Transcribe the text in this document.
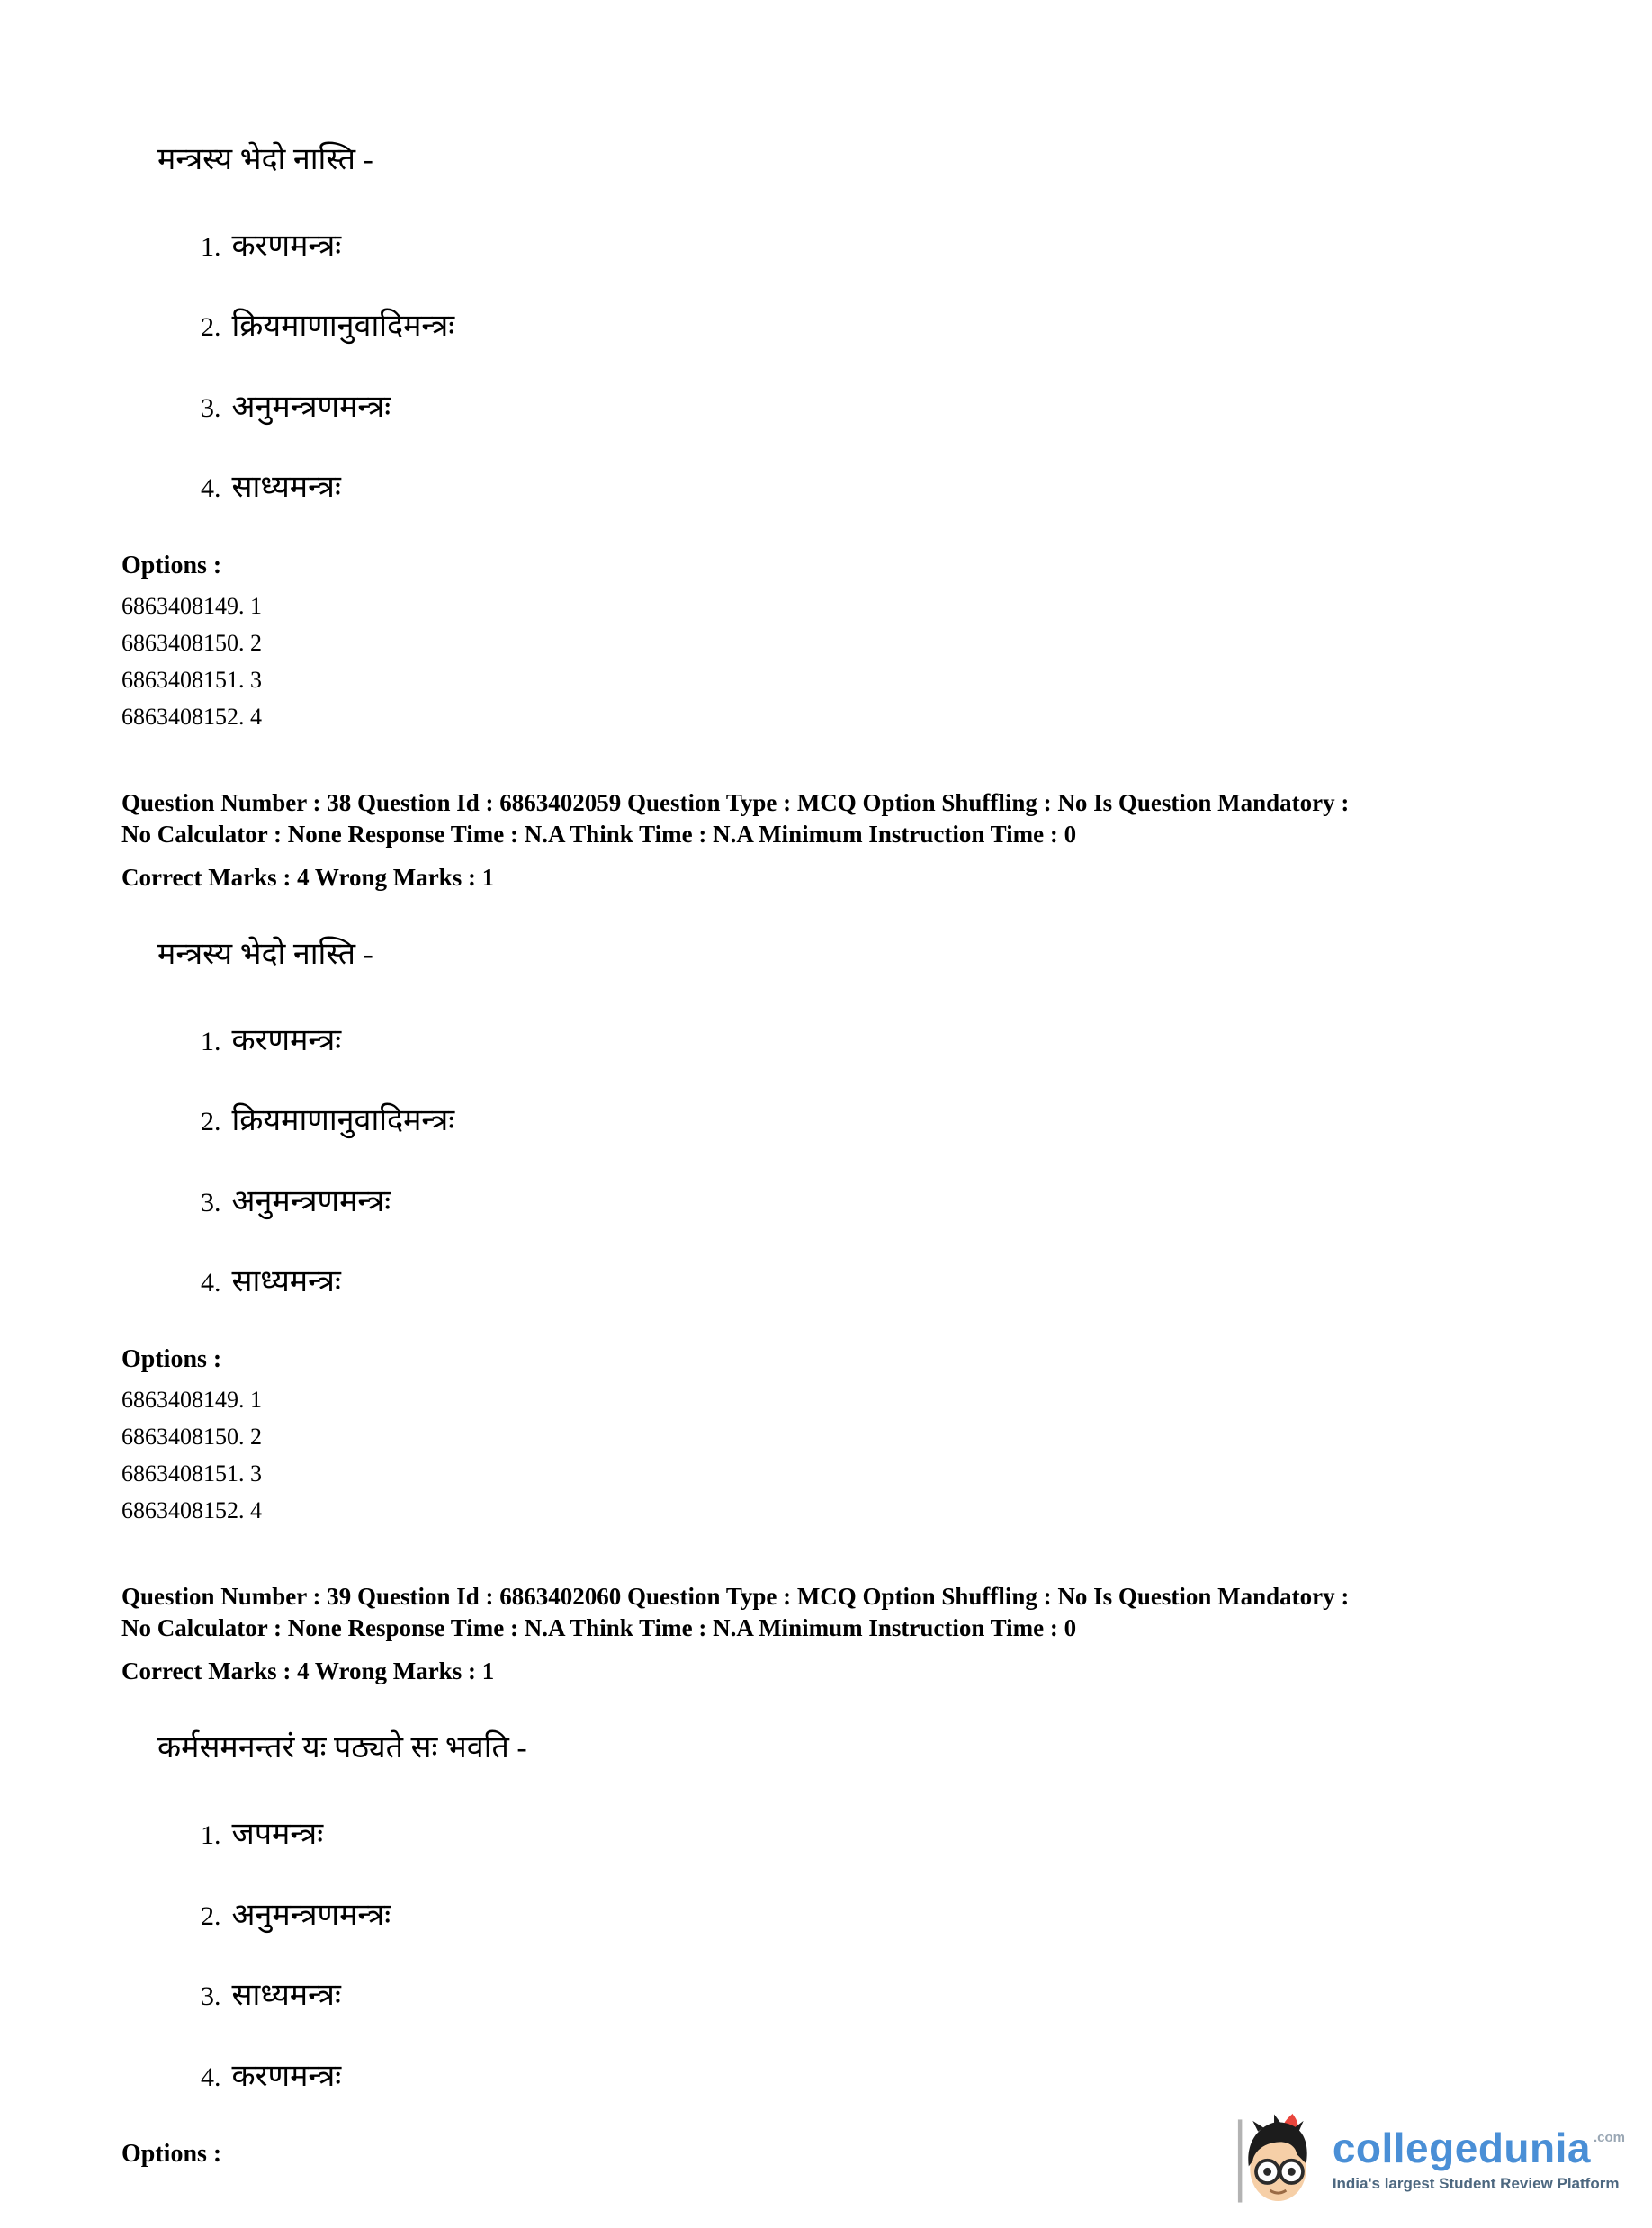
मन्त्रस्य भेदो नास्ति -

1. करणमन्त्रः
2. क्रियमाणानुवादिमन्त्रः
3. अनुमन्त्रणमन्त्रः
4. साध्यमन्त्रः

Options :

6863408149. 1

6863408150. 2

6863408151. 3

6863408152. 4

Question Number : 38 Question Id : 6863402059 Question Type : MCQ Option Shuffling : No Is Question Mandatory :

No Calculator : None Response Time : N.A Think Time : N.A Minimum Instruction Time : 0

Correct Marks : 4 Wrong Marks : 1

मन्त्रस्य भेदो नास्ति -

1. करणमन्त्रः
2. क्रियमाणानुवादिमन्त्रः
3. अनुमन्त्रणमन्त्रः
4. साध्यमन्त्रः

Options :

6863408149. 1

6863408150. 2

6863408151. 3

6863408152. 4

Question Number : 39 Question Id : 6863402060 Question Type : MCQ Option Shuffling : No Is Question Mandatory :

No Calculator : None Response Time : N.A Think Time : N.A Minimum Instruction Time : 0

Correct Marks : 4 Wrong Marks : 1

कर्मसमनन्तरं यः पठ्यते सः भवति -

1. जपमन्त्रः
2. अनुमन्त्रणमन्त्रः
3. साध्यमन्त्रः
4. करणमन्त्रः

Options :	collegedunia .com
India's largest Student Review Platform
